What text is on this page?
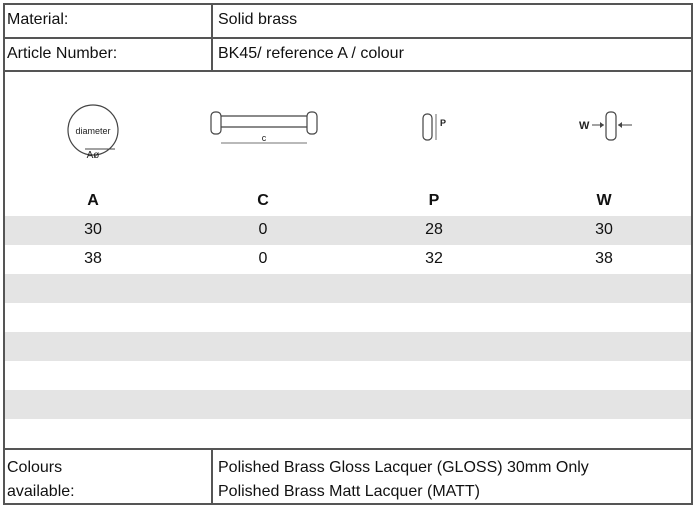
Material:	Solid brass
Article Number:	BK45/ reference A / colour
diameter
Aø
c
P	W
A	C	P	W
30	0	28	30
38	0	32	38
Colours
available:
Polished Brass Gloss Lacquer (GLOSS) 30mm Only
Polished Brass Matt Lacquer (MATT)
